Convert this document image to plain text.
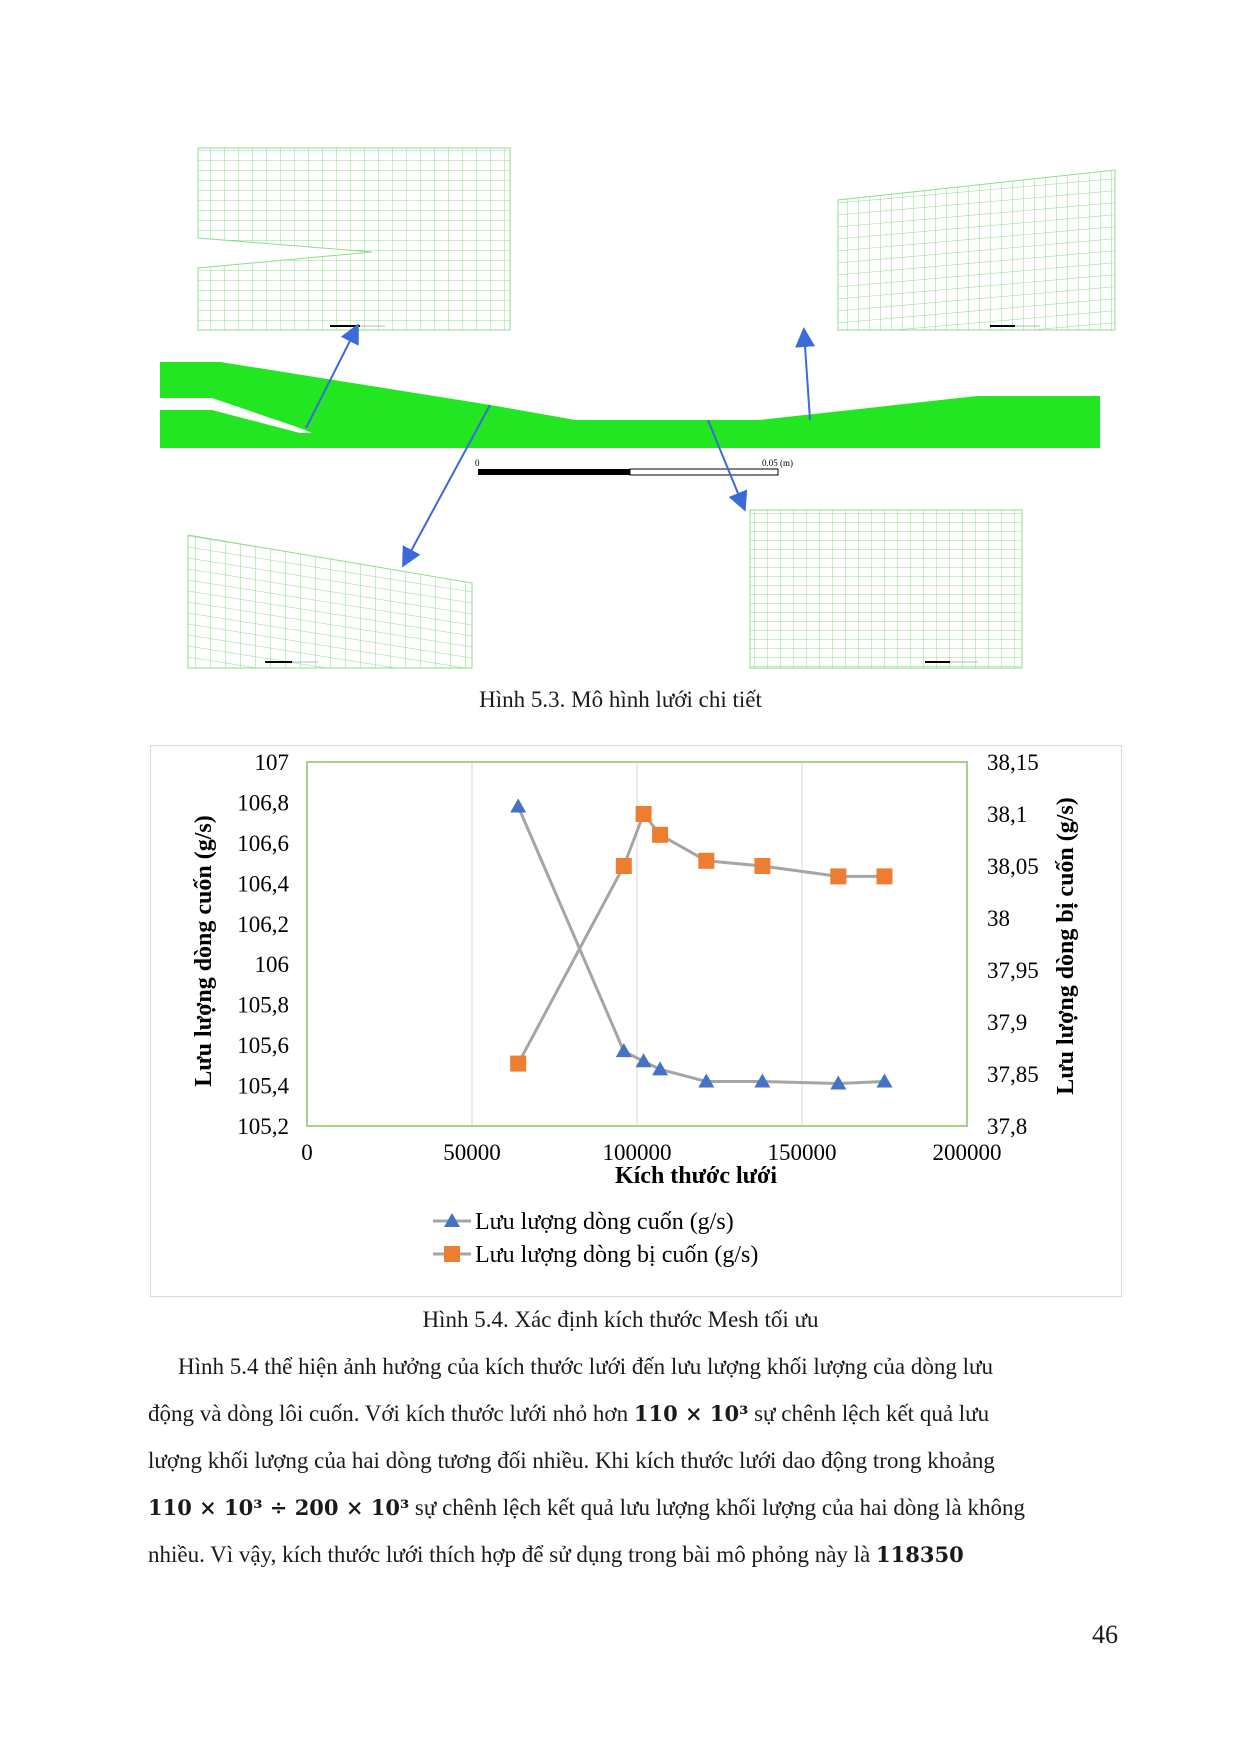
0	0.05 (m)
Hình 5.3. Mô hình lưới chi tiết
105,2
105,4
105,6
105,8
106
106,2
106,4
106,6
106,8
107
37,8
37,85
37,9
37,95
38
38,05
38,1
38,15
0	50000	100000	150000	200000
Kích thước lưới
Lưu lượng dòng cuốn (g/s)	Lưu lượng dòng bị cuốn (g/s)
Lưu lượng dòng cuốn (g/s)
Lưu lượng dòng bị cuốn (g/s)
Hình 5.4. Xác định kích thước Mesh tối ưu

Hình 5.4 thể hiện ảnh hưởng của kích thước lưới đến lưu lượng khối lượng của dòng lưu

động và dòng lôi cuốn. Với kích thước lưới nhỏ hơn 110 × 10³ sự chênh lệch kết quả lưu
lượng khối lượng của hai dòng tương đối nhiều. Khi kích thước lưới dao động trong khoảng
110 × 10³ ÷ 200 × 10³ sự chênh lệch kết quả lưu lượng khối lượng của hai dòng là không
nhiều. Vì vậy, kích thước lưới thích hợp để sử dụng trong bài mô phỏng này là 118350
46
